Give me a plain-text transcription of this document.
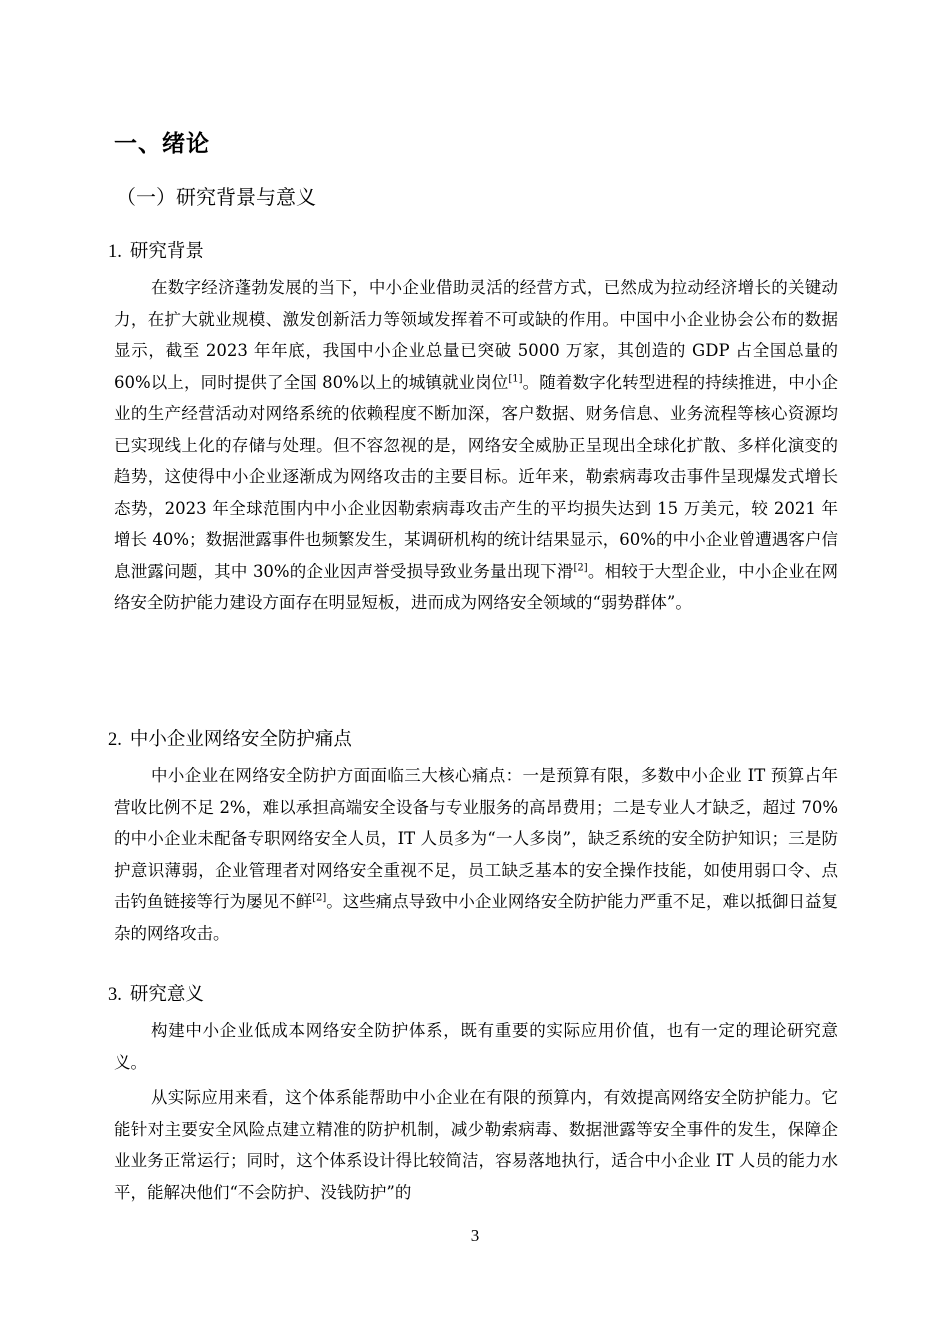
一、绪论
（一）研究背景与意义
1. 研究背景

在数字经济蓬勃发展的当下，中小企业借助灵活的经营方式，已然成为拉动经济增长的关键动力，在扩大就业规模、激发创新活力等领域发挥着不可或缺的作用。中国中小企业协会公布的数据显示，截至 2023 年年底，我国中小企业总量已突破 5000 万家，其创造的 GDP 占全国总量的 60%以上，同时提供了全国 80%以上的城镇就业岗位[1]。随着数字化转型进程的持续推进，中小企业的生产经营活动对网络系统的依赖程度不断加深，客户数据、财务信息、业务流程等核心资源均已实现线上化的存储与处理。但不容忽视的是，网络安全威胁正呈现出全球化扩散、多样化演变的趋势，这使得中小企业逐渐成为网络攻击的主要目标。近年来，勒索病毒攻击事件呈现爆发式增长态势，2023 年全球范围内中小企业因勒索病毒攻击产生的平均损失达到 15 万美元，较 2021 年增长 40%；数据泄露事件也频繁发生，某调研机构的统计结果显示，60%的中小企业曾遭遇客户信息泄露问题，其中 30%的企业因声誉受损导致业务量出现下滑[2]。相较于大型企业，中小企业在网络安全防护能力建设方面存在明显短板，进而成为网络安全领域的“弱势群体”。

2. 中小企业网络安全防护痛点

中小企业在网络安全防护方面面临三大核心痛点：一是预算有限，多数中小企业 IT 预算占年营收比例不足 2%，难以承担高端安全设备与专业服务的高昂费用；二是专业人才缺乏，超过 70%的中小企业未配备专职网络安全人员，IT 人员多为“一人多岗”，缺乏系统的安全防护知识；三是防护意识薄弱，企业管理者对网络安全重视不足，员工缺乏基本的安全操作技能，如使用弱口令、点击钓鱼链接等行为屡见不鲜[2]。这些痛点导致中小企业网络安全防护能力严重不足，难以抵御日益复杂的网络攻击。

3. 研究意义

构建中小企业低成本网络安全防护体系，既有重要的实际应用价值，也有一定的理论研究意义。

从实际应用来看，这个体系能帮助中小企业在有限的预算内，有效提高网络安全防护能力。它能针对主要安全风险点建立精准的防护机制，减少勒索病毒、数据泄露等安全事件的发生，保障企业业务正常运行；同时，这个体系设计得比较简洁，容易落地执行，适合中小企业 IT 人员的能力水平，能解决他们“不会防护、没钱防护”的

3
